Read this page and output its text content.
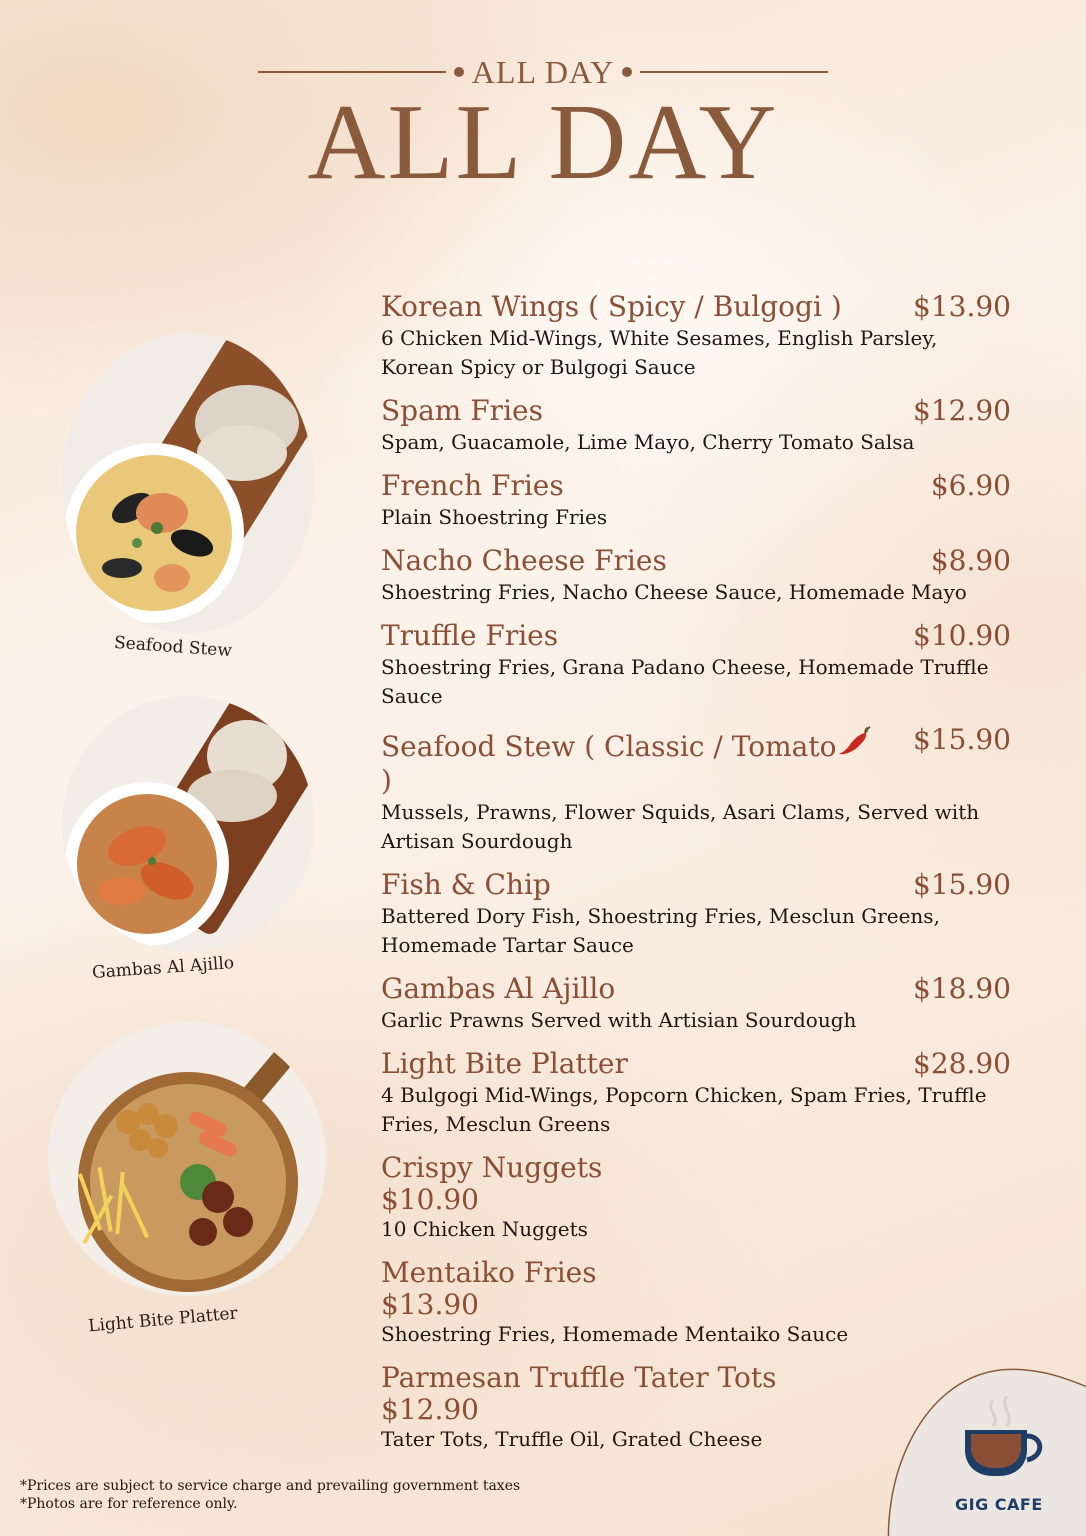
ALL DAY
ALL DAY
Seafood Stew
Gambas Al Ajillo
Light Bite Platter
Korean Wings ( Spicy / Bulgogi )	$13.90
6 Chicken Mid-Wings, White Sesames, English Parsley, Korean Spicy or Bulgogi Sauce
Spam Fries	$12.90
Spam, Guacamole, Lime Mayo, Cherry Tomato Salsa
French Fries	$6.90
Plain Shoestring Fries
Nacho Cheese Fries	$8.90
Shoestring Fries, Nacho Cheese Sauce, Homemade Mayo
Truffle Fries	$10.90
Shoestring Fries, Grana Padano Cheese, Homemade Truffle Sauce
Seafood Stew ( Classic / Tomato )
$15.90
Mussels, Prawns, Flower Squids, Asari Clams, Served with Artisan Sourdough
Fish & Chip	$15.90
Battered Dory Fish, Shoestring Fries, Mesclun Greens, Homemade Tartar Sauce
Gambas Al Ajillo	$18.90
Garlic Prawns Served with Artisian Sourdough
Light Bite Platter	$28.90
4 Bulgogi Mid-Wings, Popcorn Chicken, Spam Fries, Truffle Fries, Mesclun Greens
Crispy Nuggets
$10.90
10 Chicken Nuggets
Mentaiko Fries
$13.90
Shoestring Fries, Homemade Mentaiko Sauce
Parmesan Truffle Tater Tots
$12.90
Tater Tots, Truffle Oil, Grated Cheese
*Prices are subject to service charge and prevailing government taxes
*Photos are for reference only.	GIG CAFE
